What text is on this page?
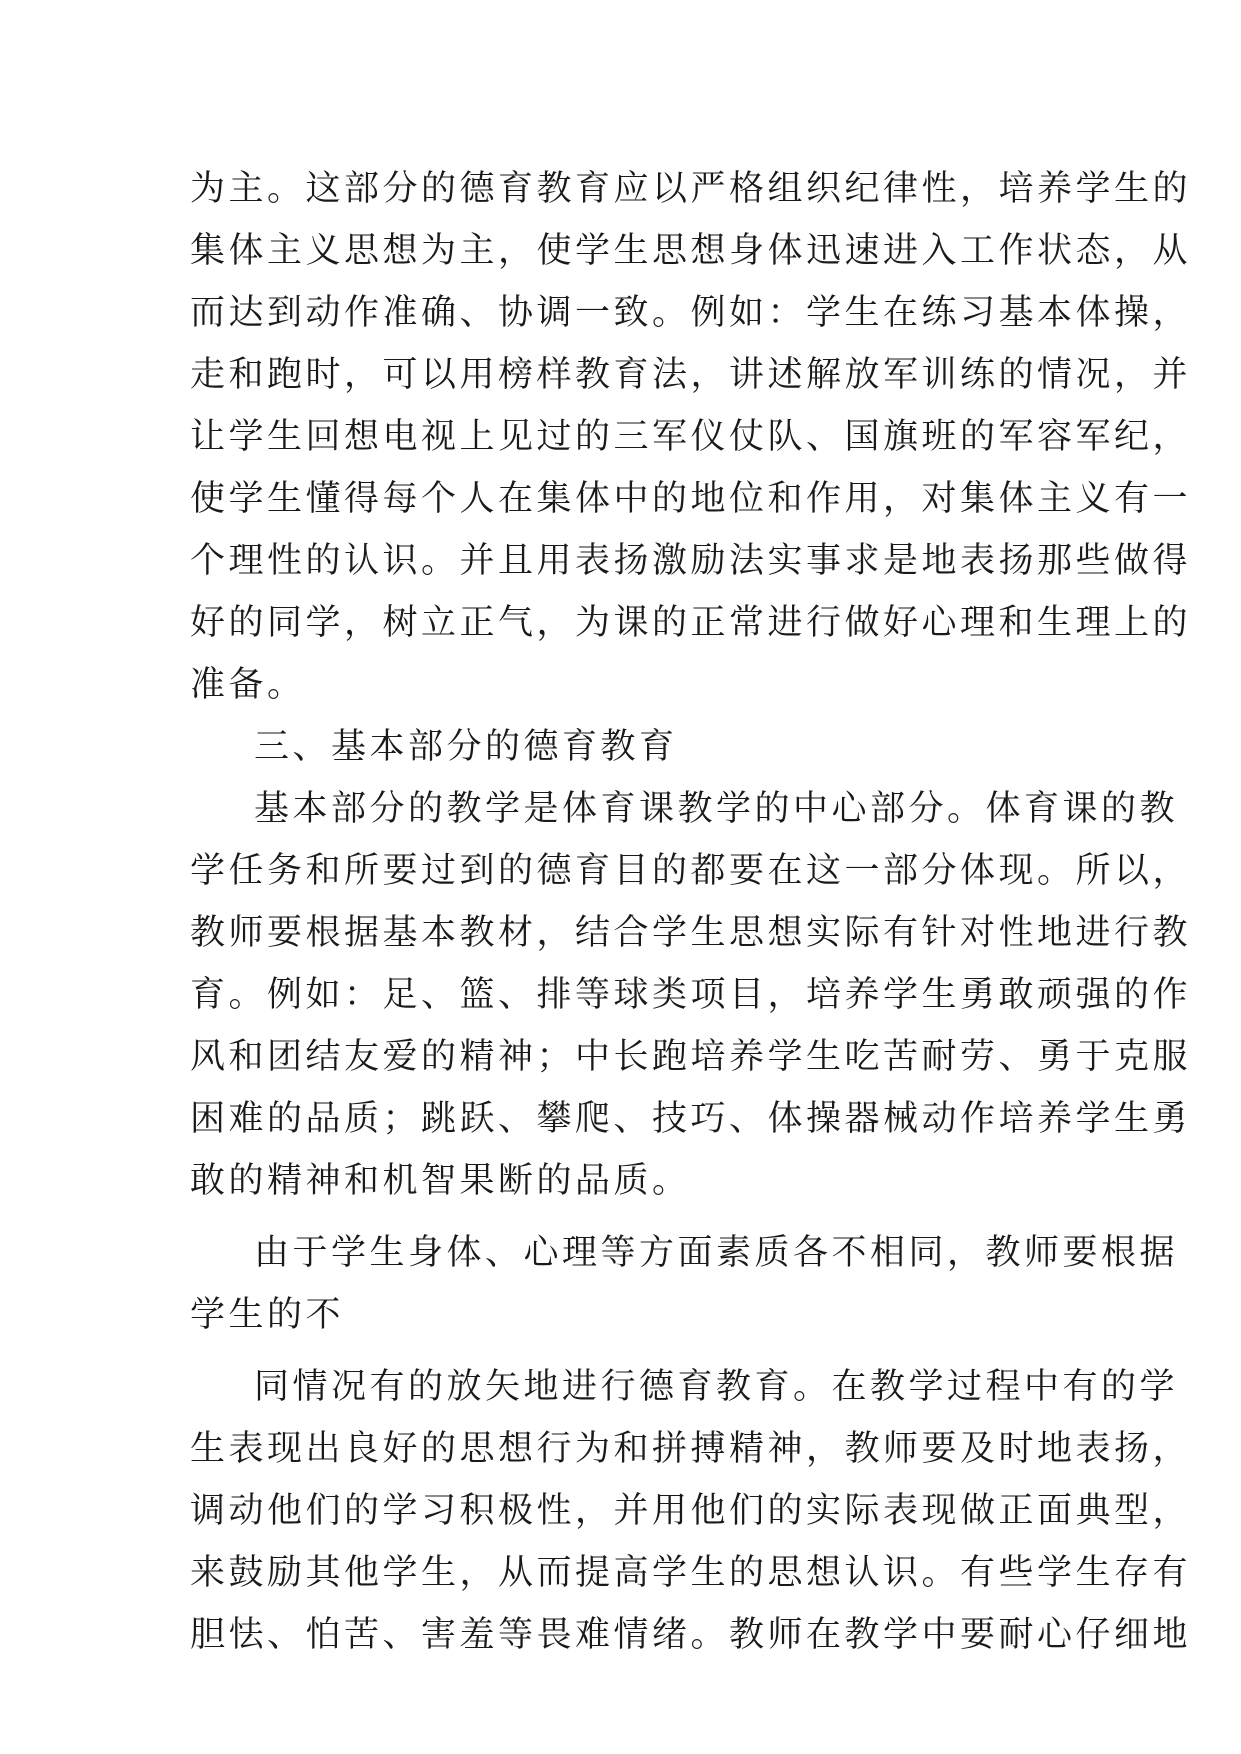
为主。这部分的德育教育应以严格组织纪律性，培养学生的
集体主义思想为主，使学生思想身体迅速进入工作状态，从
而达到动作准确、协调一致。例如：学生在练习基本体操，
走和跑时，可以用榜样教育法，讲述解放军训练的情况，并
让学生回想电视上见过的三军仪仗队、国旗班的军容军纪，
使学生懂得每个人在集体中的地位和作用，对集体主义有一
个理性的认识。并且用表扬激励法实事求是地表扬那些做得
好的同学，树立正气，为课的正常进行做好心理和生理上的
准备。
三、基本部分的德育教育
基本部分的教学是体育课教学的中心部分。体育课的教
学任务和所要过到的德育目的都要在这一部分体现。所以，
教师要根据基本教材，结合学生思想实际有针对性地进行教
育。例如：足、篮、排等球类项目，培养学生勇敢顽强的作
风和团结友爱的精神；中长跑培养学生吃苦耐劳、勇于克服
困难的品质；跳跃、攀爬、技巧、体操器械动作培养学生勇
敢的精神和机智果断的品质。
由于学生身体、心理等方面素质各不相同，教师要根据
学生的不
同情况有的放矢地进行德育教育。在教学过程中有的学
生表现出良好的思想行为和拼搏精神，教师要及时地表扬，
调动他们的学习积极性，并用他们的实际表现做正面典型，
来鼓励其他学生，从而提高学生的思想认识。有些学生存有
胆怯、怕苦、害羞等畏难情绪。教师在教学中要耐心仔细地
